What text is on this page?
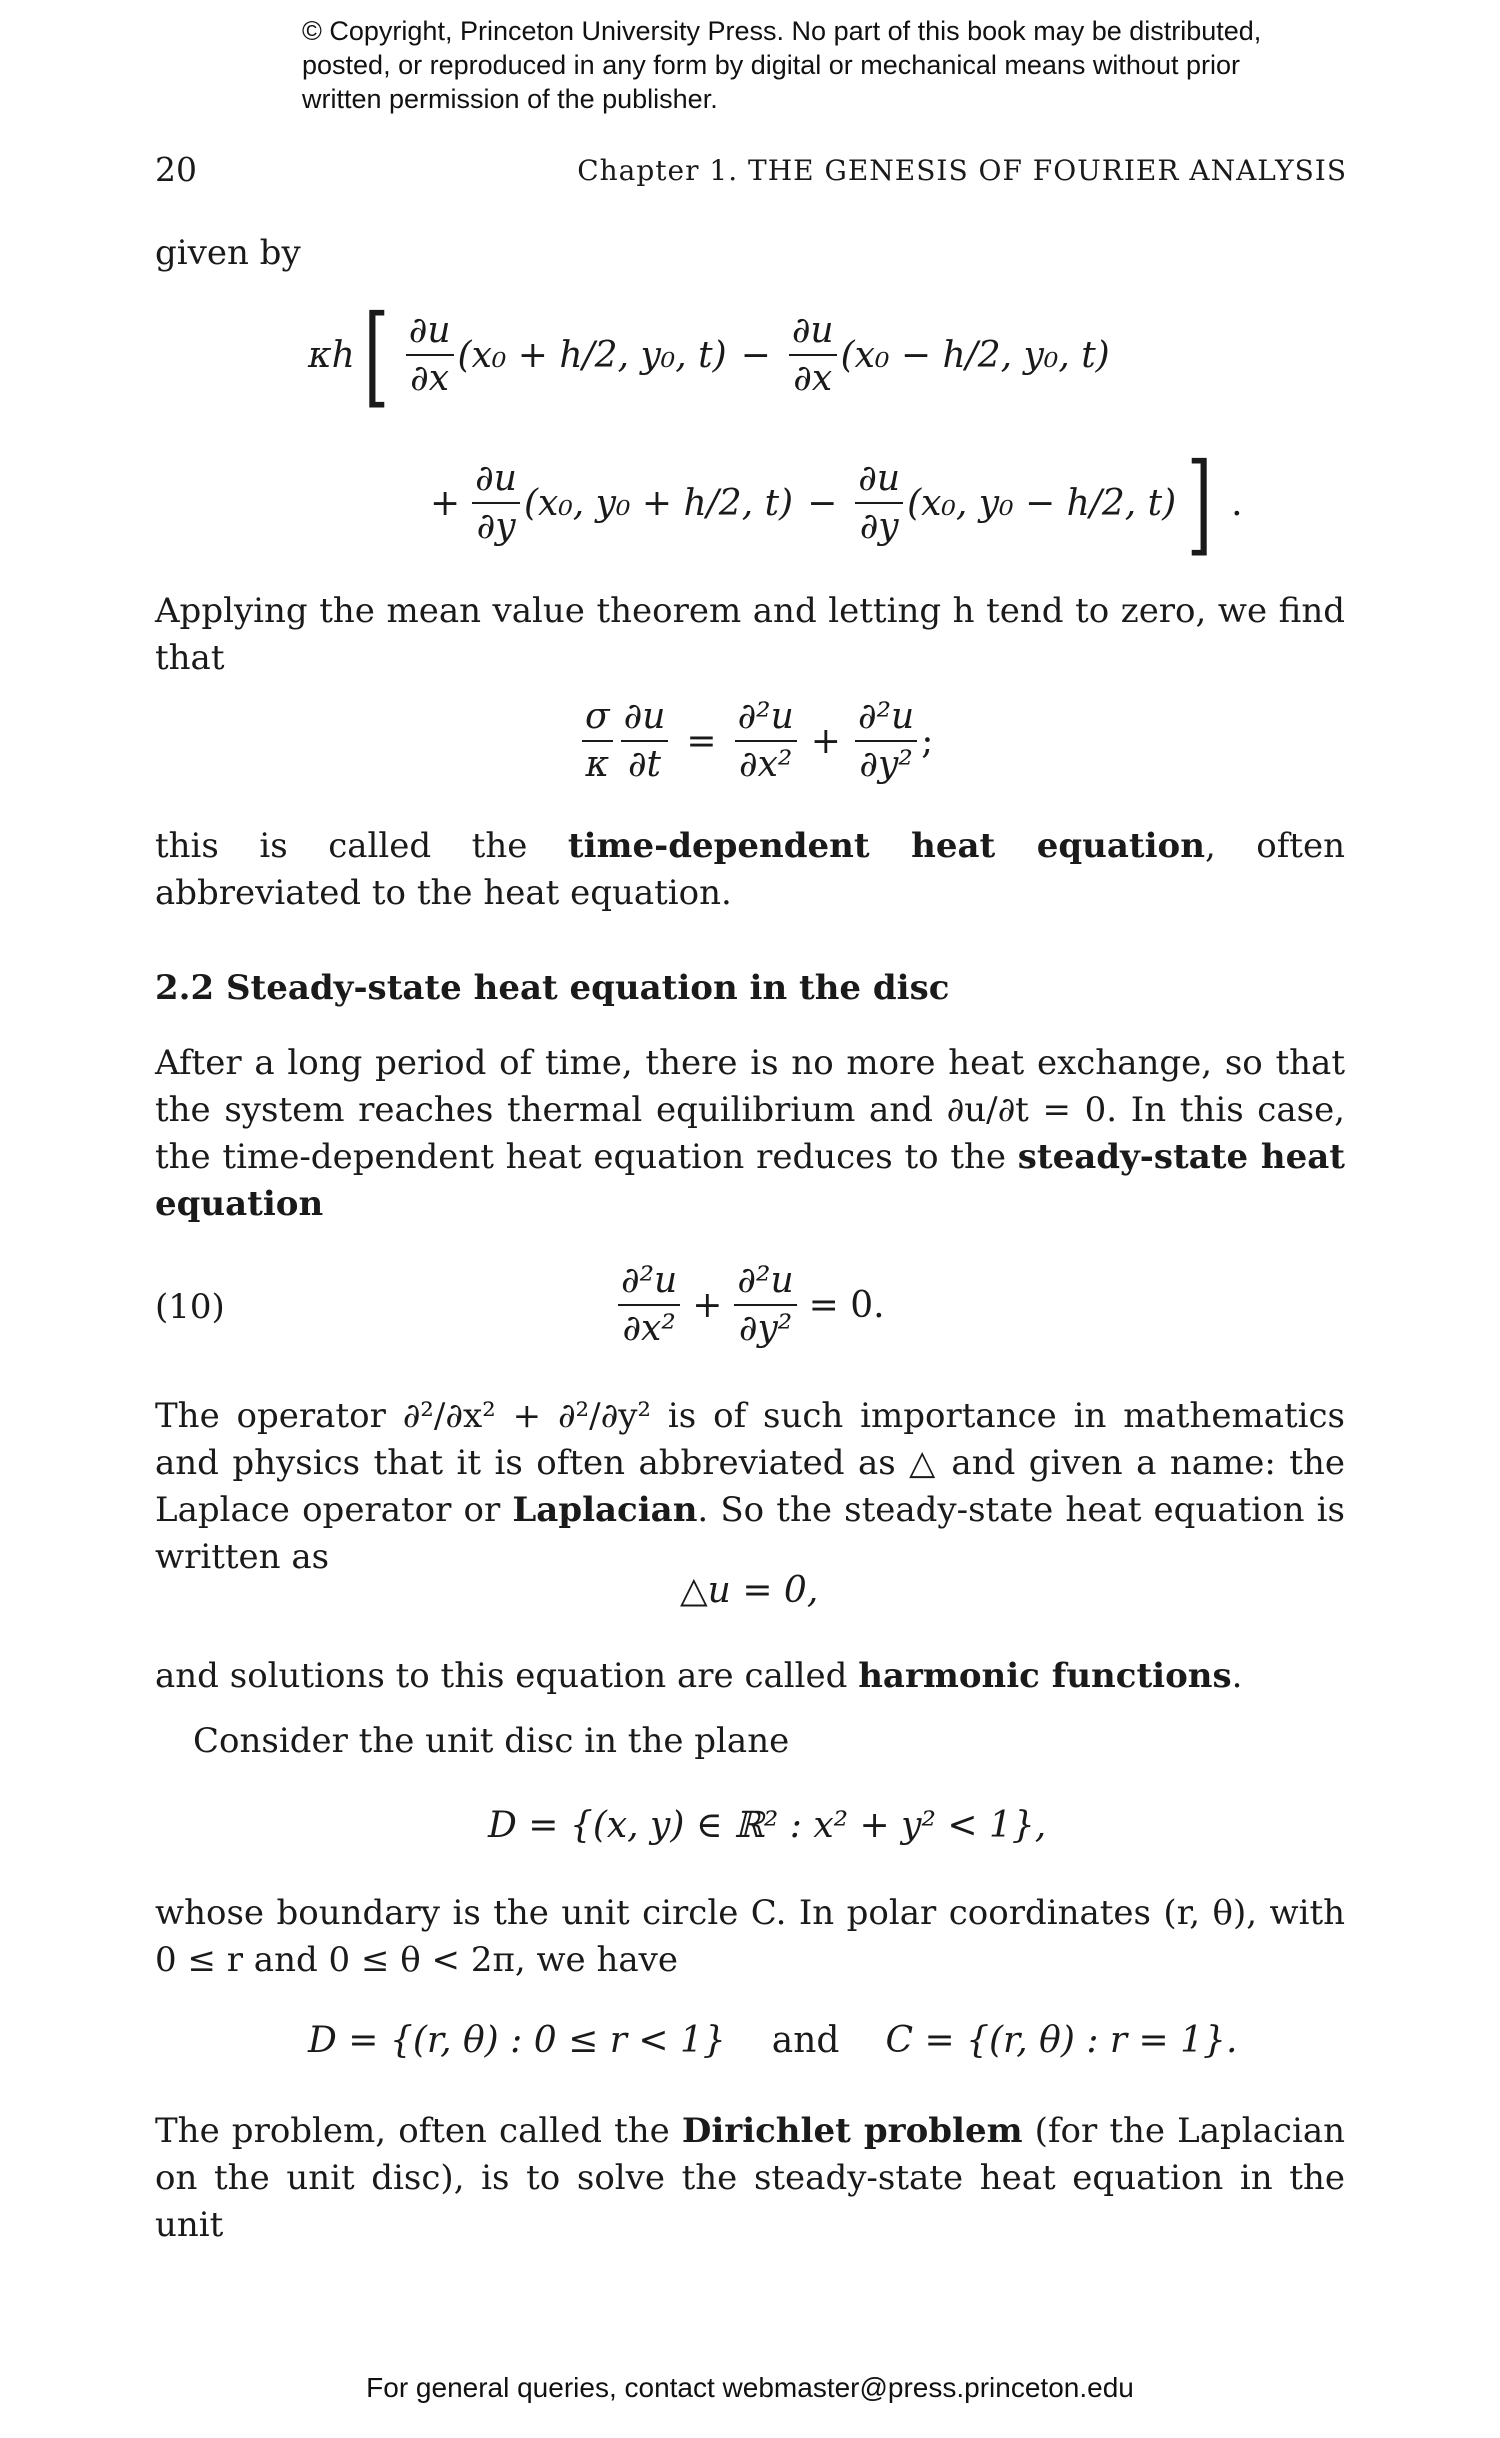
© Copyright, Princeton University Press. No part of this book may be distributed, posted, or reproduced in any form by digital or mechanical means without prior written permission of the publisher.
20	Chapter 1. THE GENESIS OF FOURIER ANALYSIS
given by
κh [ $\frac{\partial u}{\partial x} (x_0 + h/2$, y₀, $t) - \frac{\partial u}{\partial x} (x_0 - h/2$, y₀, t)
+ $\frac{\partial u}{\partial y} (x_0$, y₀ + h/2, $t) - \frac{\partial u}{\partial y} (x_0$, y₀ − h/2, t) ] .
Applying the mean value theorem and letting h tend to zero, we find that
$\frac{\sigma}{\kappa} \frac{\partial u}{\partial t} = \frac{\text{∂²u}}{\text{∂x²}} + \frac{\text{∂²u}}{\text{∂y²}}$ ;
this is called the time-dependent heat equation, often abbreviated to the heat equation.
2.2 Steady-state heat equation in the disc
After a long period of time, there is no more heat exchange, so that the system reaches thermal equilibrium and ∂u/∂t = 0. In this case, the time-dependent heat equation reduces to the steady-state heat equation
(10)	$\frac{\text{∂²u}}{\text{∂x²}} + \frac{\text{∂²u}}{\text{∂y²}} = 0$.
The operator ∂²/∂x² + ∂²/∂y² is of such importance in mathematics and physics that it is often abbreviated as △ and given a name: the Laplace operator or Laplacian. So the steady-state heat equation is written as
△u = 0,
and solutions to this equation are called harmonic functions.
Consider the unit disc in the plane
D = {(x, y) ∈ ℝ² : x² + y² < 1},
whose boundary is the unit circle C. In polar coordinates (r, θ), with 0 ≤ r and 0 ≤ θ < 2π, we have
D = {(r, θ) : 0 ≤ r < 1} and C = {(r, θ) : r = 1}.
The problem, often called the Dirichlet problem (for the Laplacian on the unit disc), is to solve the steady-state heat equation in the unit
For general queries, contact webmaster@press.princeton.edu
